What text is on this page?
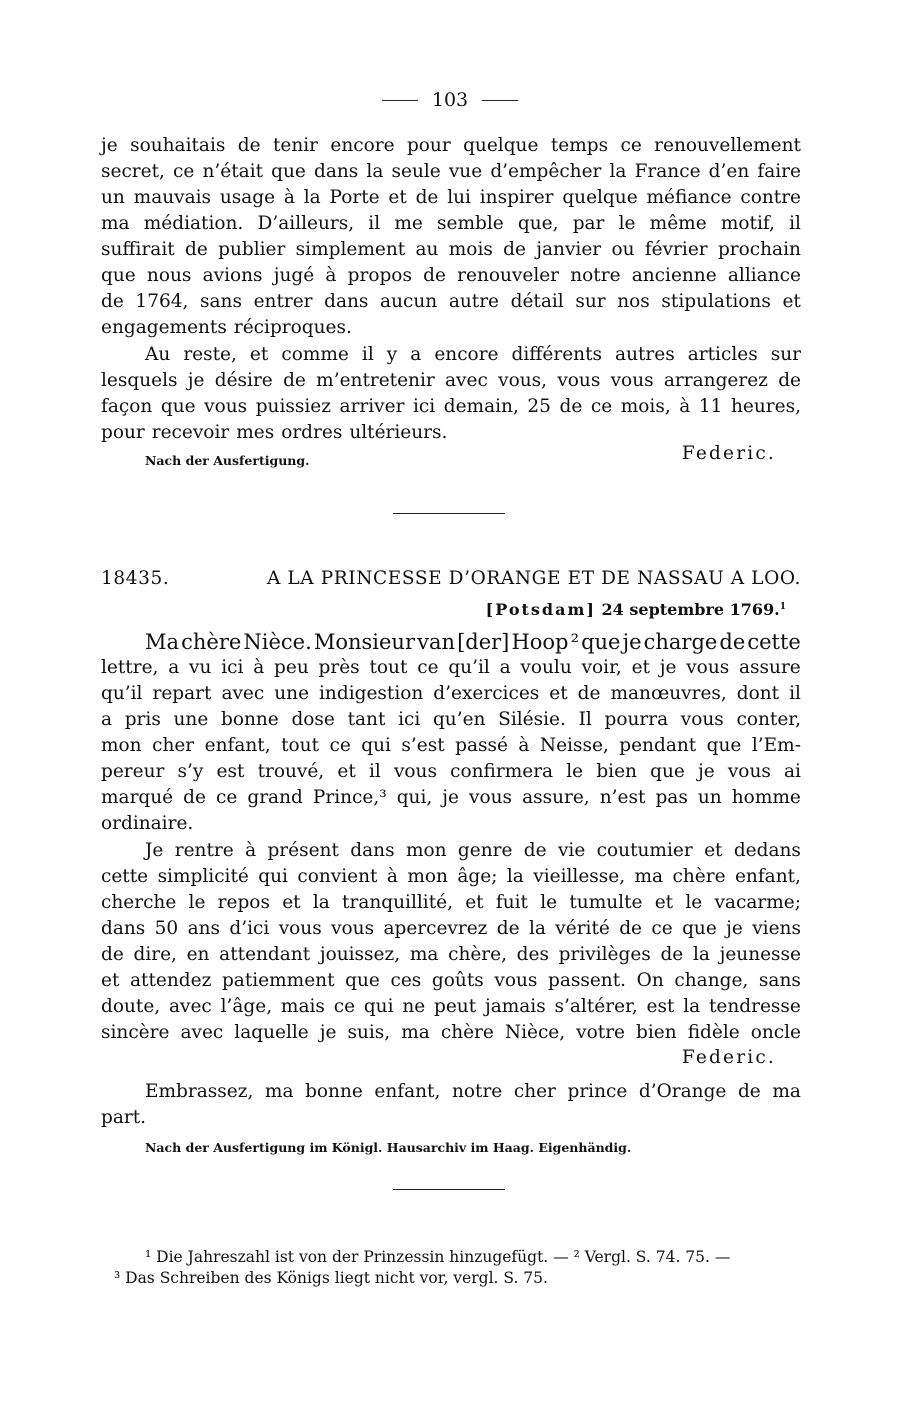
103
je souhaitais de tenir encore pour quelque temps ce renouvellement
secret, ce n’était que dans la seule vue d’empêcher la France d’en faire
un mauvais usage à la Porte et de lui inspirer quelque méfiance contre
ma médiation. D’ailleurs, il me semble que, par le même motif, il
suffirait de publier simplement au mois de janvier ou février prochain
que nous avions jugé à propos de renouveler notre ancienne alliance
de 1764, sans entrer dans aucun autre détail sur nos stipulations et
engagements réciproques.
Au reste, et comme il y a encore différents autres articles sur
lesquels je désire de m’entretenir avec vous, vous vous arrangerez de
façon que vous puissiez arriver ici demain, 25 de ce mois, à 11 heures,
pour recevoir mes ordres ultérieurs.
Nach der Ausfertigung.	Federic.
18435.	A LA PRINCESSE D’ORANGE ET DE NASSAU A LOO.
[Potsdam] 24 septembre 1769.$^1$
Ma chère Nièce. Monsieur van [der] Hoop ² que je charge de cette
lettre, a vu ici à peu près tout ce qu’il a voulu voir, et je vous assure
qu’il repart avec une indigestion d’exercices et de manœuvres, dont il
a pris une bonne dose tant ici qu’en Silésie. Il pourra vous conter,
mon cher enfant, tout ce qui s’est passé à Neisse, pendant que l’Em-
pereur s’y est trouvé, et il vous confirmera le bien que je vous ai
marqué de ce grand Prince,³ qui, je vous assure, n’est pas un homme
ordinaire.
Je rentre à présent dans mon genre de vie coutumier et dedans
cette simplicité qui convient à mon âge; la vieillesse, ma chère enfant,
cherche le repos et la tranquillité, et fuit le tumulte et le vacarme;
dans 50 ans d’ici vous vous apercevrez de la vérité de ce que je viens
de dire, en attendant jouissez, ma chère, des privilèges de la jeunesse
et attendez patiemment que ces goûts vous passent. On change, sans
doute, avec l’âge, mais ce qui ne peut jamais s’altérer, est la tendresse
sincère avec laquelle je suis, ma chère Nièce, votre bien fidèle oncle
Federic.
Embrassez, ma bonne enfant, notre cher prince d’Orange de ma
part.
Nach der Ausfertigung im Königl. Hausarchiv im Haag. Eigenhändig.
¹ Die Jahreszahl ist von der Prinzessin hinzugefügt. — ² Vergl. S. 74. 75. —
³ Das Schreiben des Königs liegt nicht vor, vergl. S. 75.
